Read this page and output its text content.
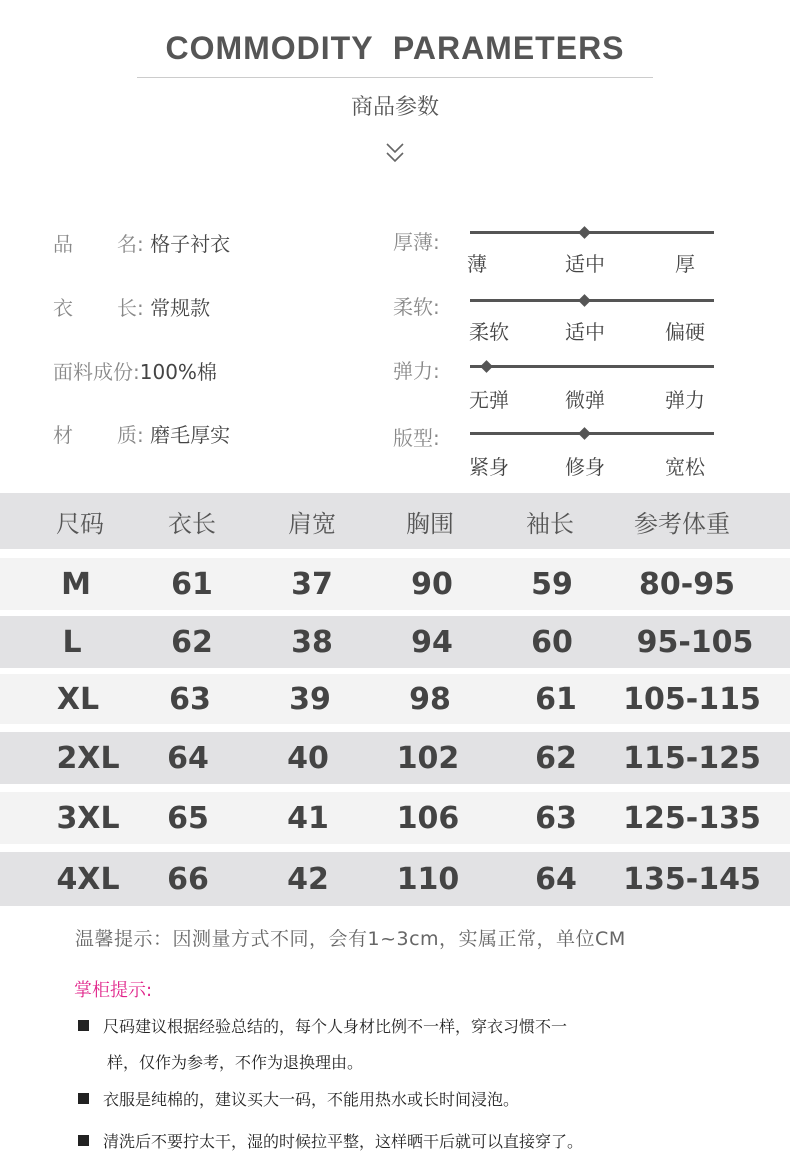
COMMODITY PARAMETERS
商品参数
品 名: 格子衬衣
衣 长: 常规款
面料成份:100%棉
材 质: 磨毛厚实
厚薄:
薄	适中	厚
柔软:
柔软	适中	偏硬
弹力:
无弹	微弹	弹力
版型:
紧身	修身	宽松
尺码	衣长	肩宽	胸围	袖长	参考体重
M	61	37	90	59	80-95
L	62	38	94	60	95-105
XL	63	39	98	61	105-115
2XL	64	40	102	62	115-125
3XL	65	41	106	63	125-135
4XL	66	42	110	64	135-145
温馨提示：因测量方式不同，会有1~3cm，实属正常，单位CM
掌柜提示:
尺码建议根据经验总结的，每个人身材比例不一样，穿衣习惯不一
样，仅作为参考，不作为退换理由。
衣服是纯棉的，建议买大一码，不能用热水或长时间浸泡。
清洗后不要拧太干，湿的时候拉平整，这样晒干后就可以直接穿了。
